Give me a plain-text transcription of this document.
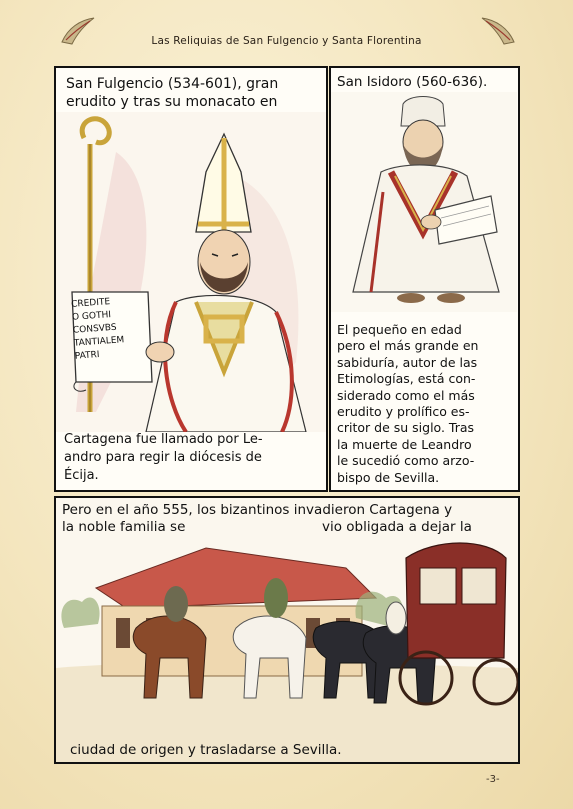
Las Reliquias de San Fulgencio y Santa Florentina
San Fulgencio (534-601), gran
erudito y tras su monacato en
CREDITE
O GOTHI
CONSVBS
TANTIALEM
PATRI
Cartagena fue llamado por Le-
andro para regir la diócesis de
Écija.
San Isidoro (560-636).
El pequeño en edad
pero el más grande en
sabiduría, autor de las
Etimologías, está con-
siderado como el más
erudito y prolífico es-
critor de su siglo. Tras
la muerte de Leandro
le sucedió como arzo-
bispo de Sevilla.
Pero en el año 555, los bizantinos invadieron Cartagena y
la noble familia se	vio obligada a dejar la
ciudad de origen y trasladarse a Sevilla.
-3-
